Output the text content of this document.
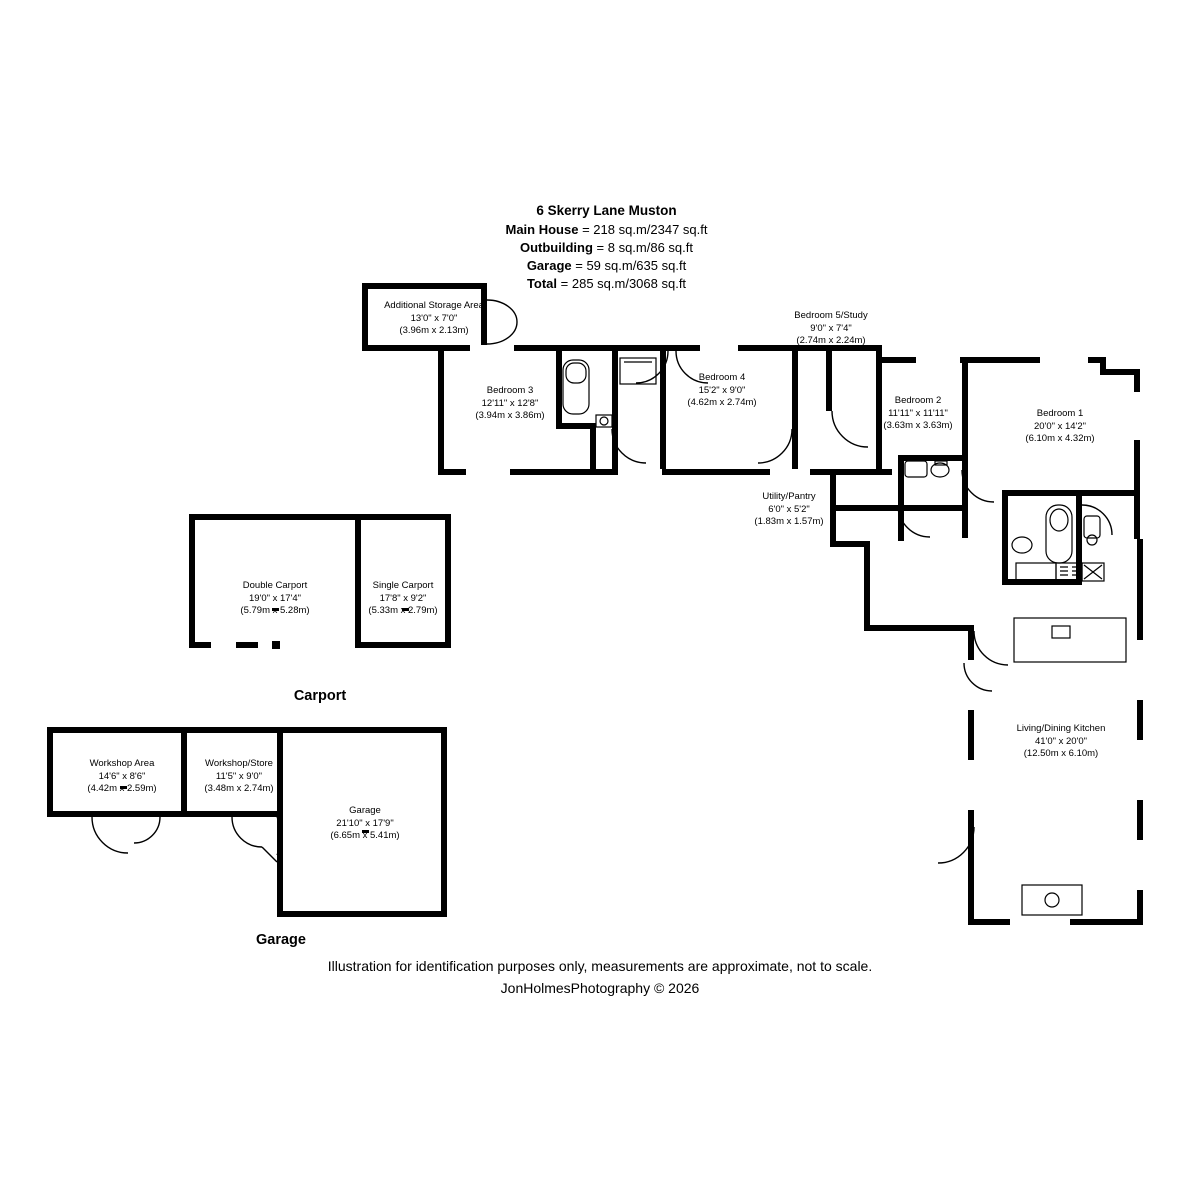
6 Skerry Lane Muston
Main House = 218 sq.m/2347 sq.ft
Outbuilding = 8 sq.m/86 sq.ft
Garage = 59 sq.m/635 sq.ft
Total = 285 sq.m/3068 sq.ft
Additional Storage Area
13'0" x 7'0"
(3.96m x 2.13m)
Bedroom 3
12'11" x 12'8"
(3.94m x 3.86m)
Bedroom 4
15'2" x 9'0"
(4.62m x 2.74m)
Bedroom 5/Study
9'0" x 7'4"
(2.74m x 2.24m)
Bedroom 2
11'11" x 11'11"
(3.63m x 3.63m)
Bedroom 1
20'0" x 14'2"
(6.10m x 4.32m)
Utility/Pantry
6'0" x 5'2"
(1.83m x 1.57m)
Living/Dining Kitchen
41'0" x 20'0"
(12.50m x 6.10m)
Double Carport
19'0" x 17'4"
(5.79m x 5.28m)
Single Carport
17'8" x 9'2"
(5.33m x 2.79m)
Workshop Area
14'6" x 8'6"
(4.42m x 2.59m)
Workshop/Store
11'5" x 9'0"
(3.48m x 2.74m)
Garage
21'10" x 17'9"
(6.65m x 5.41m)
Carport
Garage
Illustration for identification purposes only, measurements are approximate, not to scale.
JonHolmesPhotography © 2026
